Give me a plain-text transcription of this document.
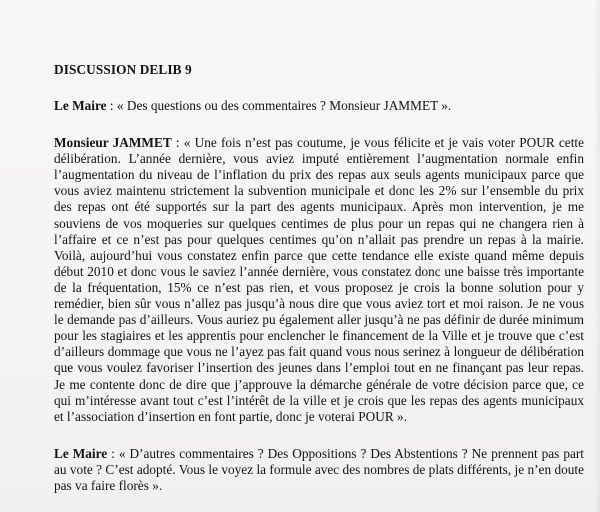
DISCUSSION DELIB 9

Le Maire : « Des questions ou des commentaires ? Monsieur JAMMET ».

Monsieur JAMMET : « Une fois n’est pas coutume, je vous félicite et je vais voter POUR cette délibération. L’année dernière, vous aviez imputé entièrement l’augmentation normale enfin l’augmentation du niveau de l’inflation du prix des repas aux seuls agents municipaux parce que vous aviez maintenu strictement la subvention municipale et donc les 2% sur l’ensemble du prix des repas ont été supportés sur la part des agents municipaux. Après mon intervention, je me souviens de vos moqueries sur quelques centimes de plus pour un repas qui ne changera rien à l’affaire et ce n’est pas pour quelques centimes qu’on n’allait pas prendre un repas à la mairie. Voilà, aujourd’hui vous constatez enfin parce que cette tendance elle existe quand même depuis début 2010 et donc vous le saviez l’année dernière, vous constatez donc une baisse très importante de la fréquentation, 15% ce n’est pas rien, et vous proposez je crois la bonne solution pour y remédier, bien sûr vous n’allez pas jusqu’à nous dire que vous aviez tort et moi raison. Je ne vous le demande pas d’ailleurs. Vous auriez pu également aller jusqu’à ne pas définir de durée minimum pour les stagiaires et les apprentis pour enclencher le financement de la Ville et je trouve que c’est d’ailleurs dommage que vous ne l’ayez pas fait quand vous nous serinez à longueur de délibération que vous voulez favoriser l’insertion des jeunes dans l’emploi tout en ne finançant pas leur repas. Je me contente donc de dire que j’approuve la démarche générale de votre décision parce que, ce qui m’intéresse avant tout c’est l’intérêt de la ville et je crois que les repas des agents municipaux et l’association d’insertion en font partie, donc je voterai POUR ».

Le Maire : « D’autres commentaires ? Des Oppositions ? Des Abstentions ? Ne prennent pas part au vote ? C’est adopté. Vous le voyez la formule avec des nombres de plats différents, je n’en doute pas va faire florès ».
